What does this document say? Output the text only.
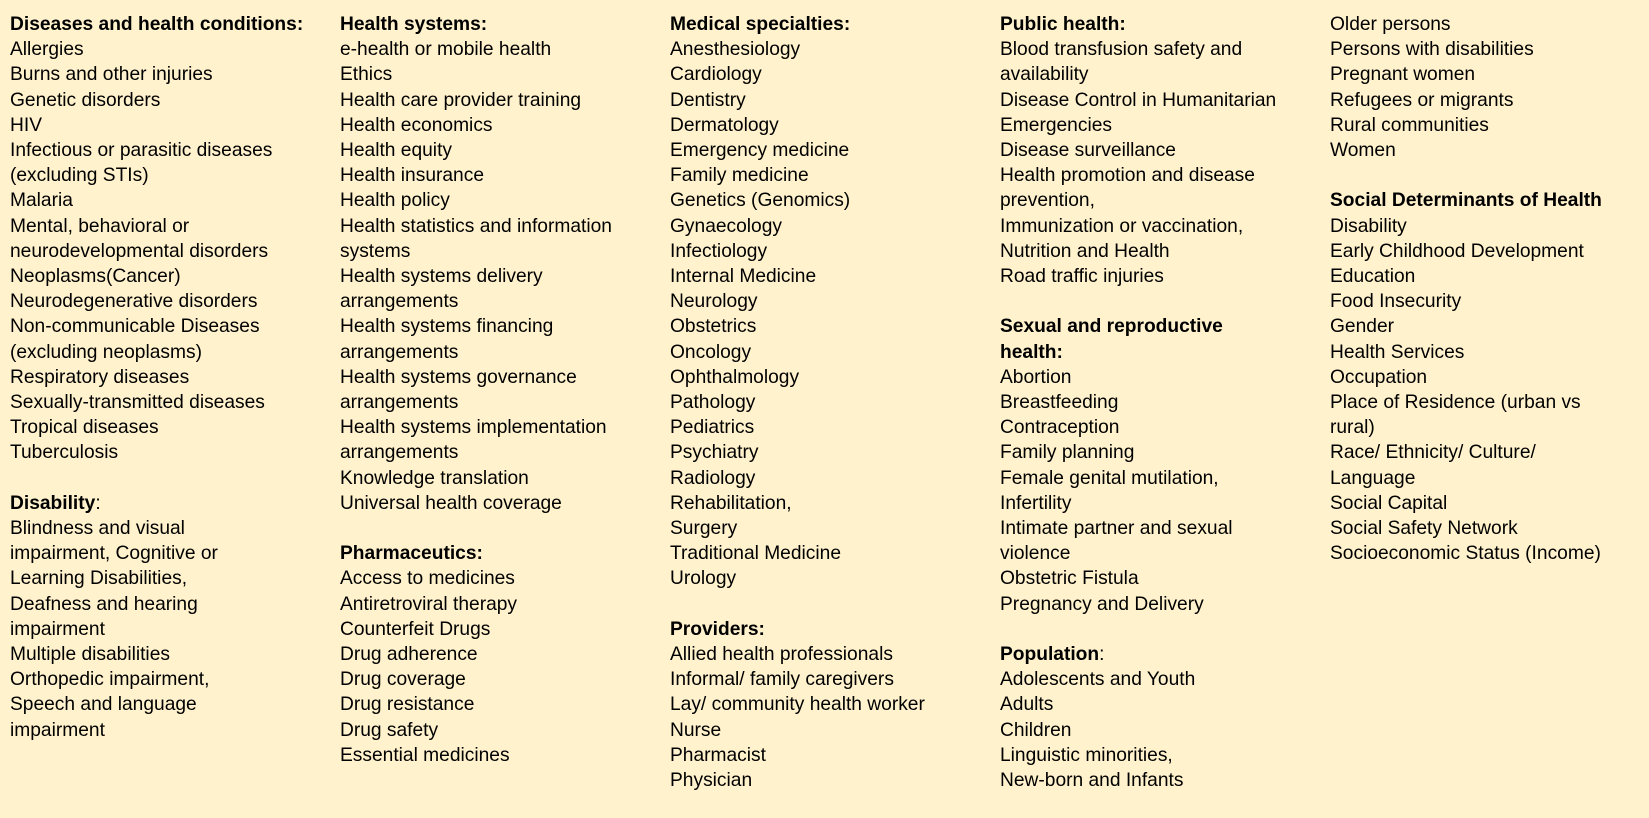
Diseases and health conditions:
Allergies
Burns and other injuries
Genetic disorders
HIV
Infectious or parasitic diseases
(excluding STIs)
Malaria
Mental, behavioral or
neurodevelopmental disorders
Neoplasms(Cancer)
Neurodegenerative disorders
Non-communicable Diseases
(excluding neoplasms)
Respiratory diseases
Sexually-transmitted diseases
Tropical diseases
Tuberculosis
Disability:
Blindness and visual
impairment, Cognitive or
Learning Disabilities,
Deafness and hearing
impairment
Multiple disabilities
Orthopedic impairment,
Speech and language
impairment
Health systems:
e-health or mobile health
Ethics
Health care provider training
Health economics
Health equity
Health insurance
Health policy
Health statistics and information
systems
Health systems delivery
arrangements
Health systems financing
arrangements
Health systems governance
arrangements
Health systems implementation
arrangements
Knowledge translation
Universal health coverage
Pharmaceutics:
Access to medicines
Antiretroviral therapy
Counterfeit Drugs
Drug adherence
Drug coverage
Drug resistance
Drug safety
Essential medicines
Medical specialties:
Anesthesiology
Cardiology
Dentistry
Dermatology
Emergency medicine
Family medicine
Genetics (Genomics)
Gynaecology
Infectiology
Internal Medicine
Neurology
Obstetrics
Oncology
Ophthalmology
Pathology
Pediatrics
Psychiatry
Radiology
Rehabilitation,
Surgery
Traditional Medicine
Urology
Providers:
Allied health professionals
Informal/ family caregivers
Lay/ community health worker
Nurse
Pharmacist
Physician
Public health:
Blood transfusion safety and
availability
Disease Control in Humanitarian
Emergencies
Disease surveillance
Health promotion and disease
prevention,
Immunization or vaccination,
Nutrition and Health
Road traffic injuries
Sexual and reproductive
health:
Abortion
Breastfeeding
Contraception
Family planning
Female genital mutilation,
Infertility
Intimate partner and sexual
violence
Obstetric Fistula
Pregnancy and Delivery
Population:
Adolescents and Youth
Adults
Children
Linguistic minorities,
New-born and Infants
Older persons
Persons with disabilities
Pregnant women
Refugees or migrants
Rural communities
Women
Social Determinants of Health
Disability
Early Childhood Development
Education
Food Insecurity
Gender
Health Services
Occupation
Place of Residence (urban vs
rural)
Race/ Ethnicity/ Culture/
Language
Social Capital
Social Safety Network
Socioeconomic Status (Income)
